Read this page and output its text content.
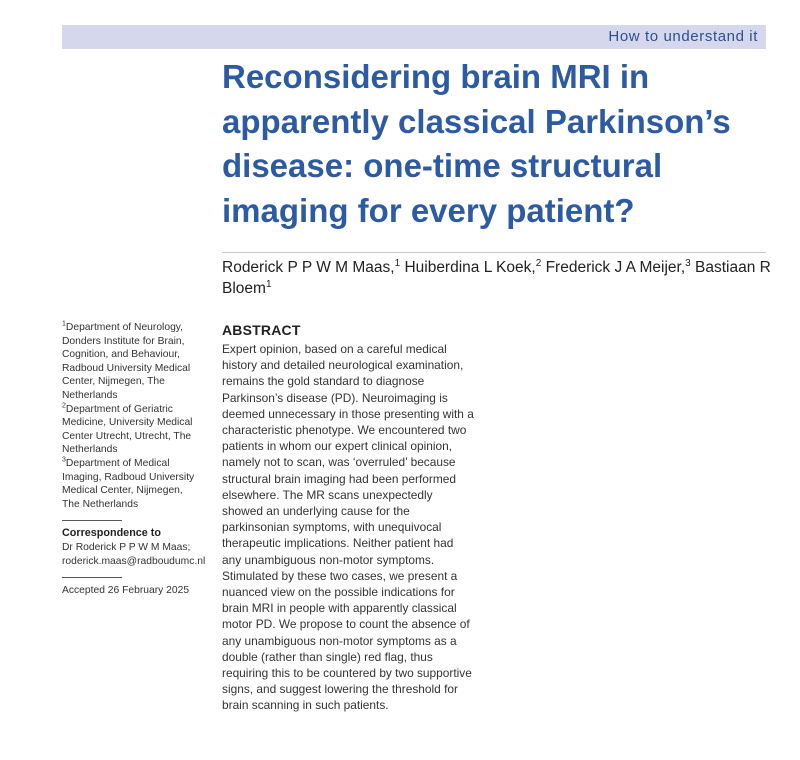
How to understand it
Reconsidering brain MRI in apparently classical Parkinson’s disease: one-time structural imaging for every patient?
Roderick P P W M Maas,$^1$ Huiberdina L Koek,$^2$ Frederick J A Meijer,$^3$ Bastiaan R Bloem$^1$
$^1$Department of Neurology, Donders Institute for Brain, Cognition, and Behaviour, Radboud University Medical Center, Nijmegen, The Netherlands
$^2$Department of Geriatric Medicine, University Medical Center Utrecht, Utrecht, The Netherlands
$^3$Department of Medical Imaging, Radboud University Medical Center, Nijmegen, The Netherlands
Correspondence to
Dr Roderick P P W M Maas; roderick.maas@radboudumc.nl
Accepted 26 February 2025
ABSTRACT

Expert opinion, based on a careful medical history and detailed neurological examination, remains the gold standard to diagnose Parkinson’s disease (PD). Neuroimaging is deemed unnecessary in those presenting with a characteristic phenotype. We encountered two patients in whom our expert clinical opinion, namely not to scan, was ‘overruled’ because structural brain imaging had been performed elsewhere. The MR scans unexpectedly showed an underlying cause for the parkinsonian symptoms, with unequivocal therapeutic implications. Neither patient had any unambiguous non-motor symptoms. Stimulated by these two cases, we present a nuanced view on the possible indications for brain MRI in people with apparently classical motor PD. We propose to count the absence of any unambiguous non-motor symptoms as a double (rather than single) red flag, thus requiring this to be countered by two supportive signs, and suggest lowering the threshold for brain scanning in such patients.
